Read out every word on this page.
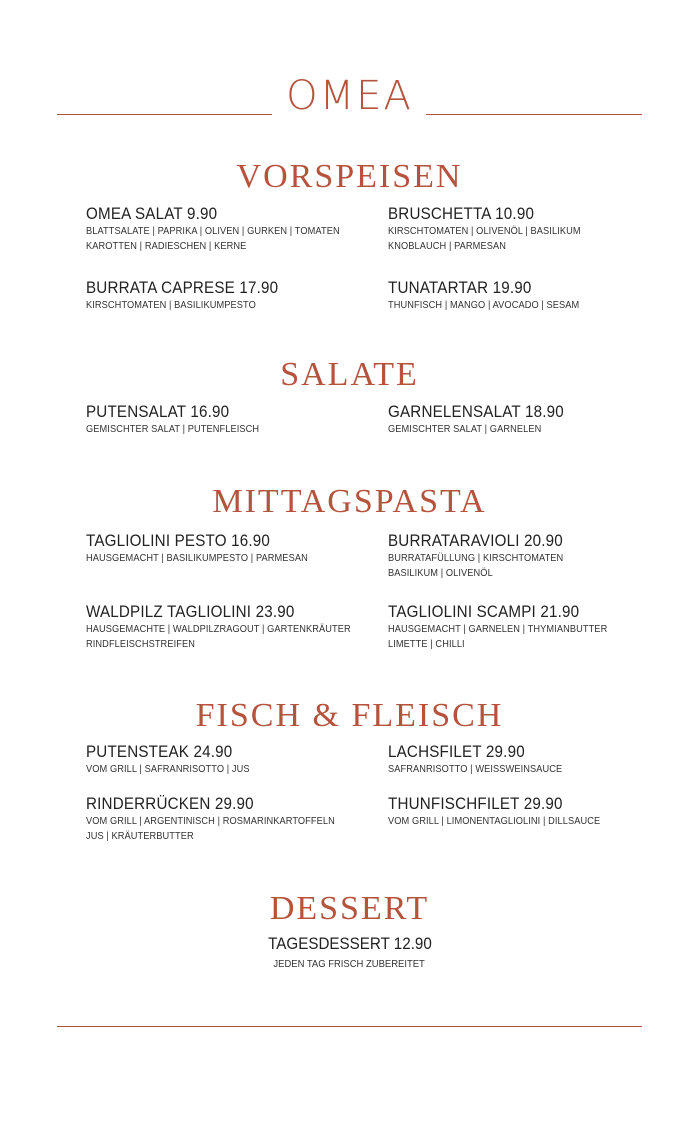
OMEA
VORSPEISEN
OMEA SALAT 9.90
BLATTSALATE | PAPRIKA | OLIVEN | GURKEN | TOMATEN
KAROTTEN | RADIESCHEN | KERNE
BRUSCHETTA 10.90
KIRSCHTOMATEN | OLIVENÖL | BASILIKUM
KNOBLAUCH | PARMESAN
BURRATA CAPRESE 17.90
KIRSCHTOMATEN | BASILIKUMPESTO
TUNATARTAR 19.90
THUNFISCH | MANGO | AVOCADO | SESAM
SALATE
PUTENSALAT 16.90
GEMISCHTER SALAT | PUTENFLEISCH
GARNELENSALAT 18.90
GEMISCHTER SALAT | GARNELEN
MITTAGSPASTA
TAGLIOLINI PESTO 16.90
HAUSGEMACHT | BASILIKUMPESTO | PARMESAN
BURRATARAVIOLI 20.90
BURRATAFÜLLUNG | KIRSCHTOMATEN
BASILIKUM | OLIVENÖL
WALDPILZ TAGLIOLINI 23.90
HAUSGEMACHTE | WALDPILZRAGOUT | GARTENKRÄUTER
RINDFLEISCHSTREIFEN
TAGLIOLINI SCAMPI 21.90
HAUSGEMACHT | GARNELEN | THYMIANBUTTER
LIMETTE | CHILLI
FISCH & FLEISCH
PUTENSTEAK 24.90
VOM GRILL | SAFRANRISOTTO | JUS
LACHSFILET 29.90
SAFRANRISOTTO | WEISSWEINSAUCE
RINDERRÜCKEN 29.90
VOM GRILL | ARGENTINISCH | ROSMARINKARTOFFELN
JUS | KRÄUTERBUTTER
THUNFISCHFILET 29.90
VOM GRILL | LIMONENTAGLIOLINI | DILLSAUCE
DESSERT
TAGESDESSERT 12.90
JEDEN TAG FRISCH ZUBEREITET
